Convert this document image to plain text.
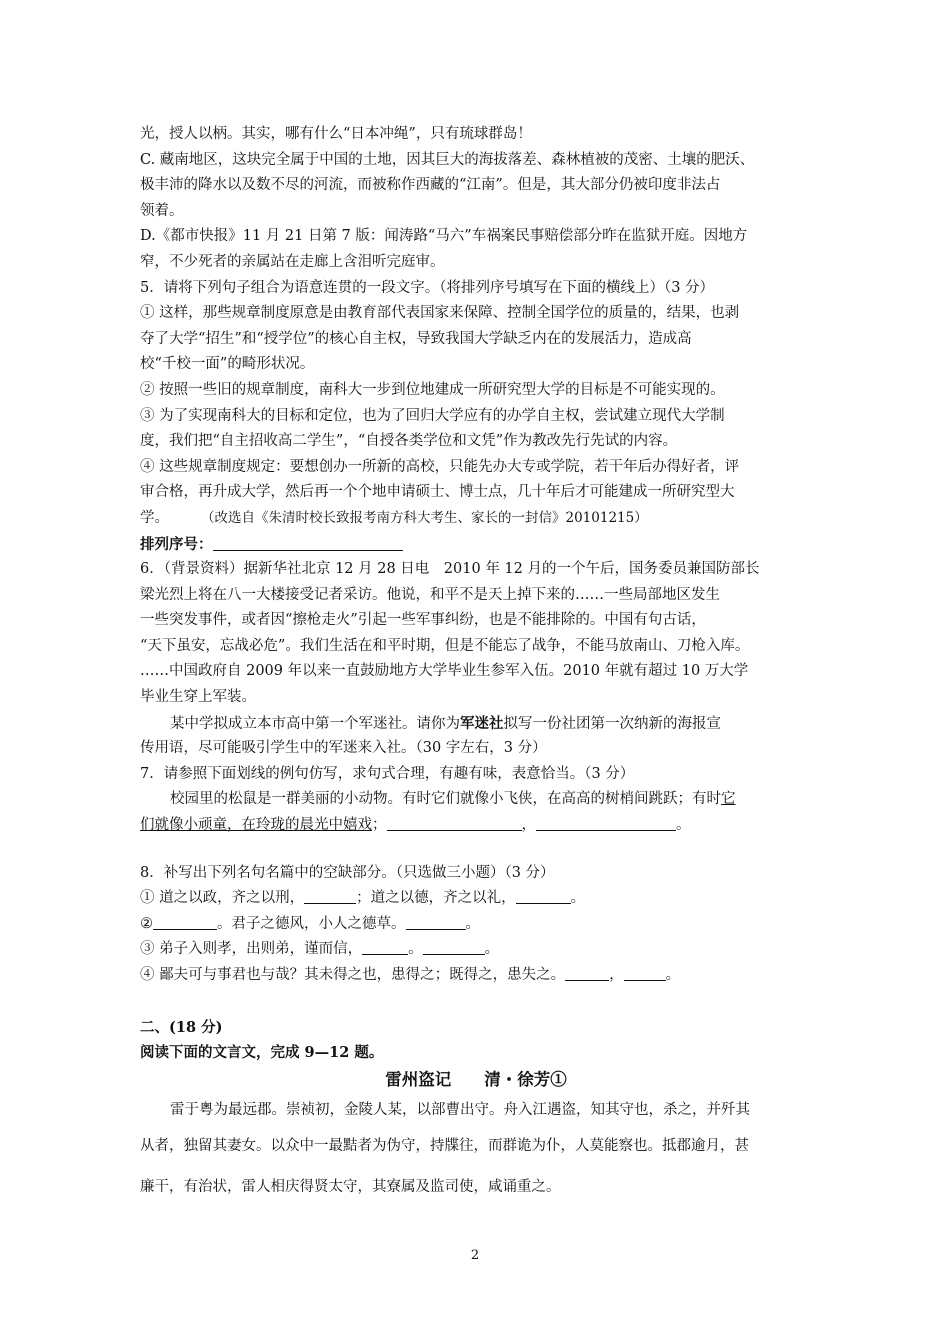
光，授人以柄。其实，哪有什么“日本冲绳”，只有琉球群岛！
C. 藏南地区，这块完全属于中国的土地，因其巨大的海拔落差、森林植被的茂密、土壤的肥沃、
极丰沛的降水以及数不尽的河流，而被称作西藏的“江南”。但是，其大部分仍被印度非法占
领着。
D.《都市快报》11 月 21 日第 7 版：闻涛路“马六”车祸案民事赔偿部分昨在监狱开庭。因地方
窄，不少死者的亲属站在走廊上含泪听完庭审。
5．请将下列句子组合为语意连贯的一段文字。（将排列序号填写在下面的横线上）（3 分）
① 这样，那些规章制度原意是由教育部代表国家来保障、控制全国学位的质量的，结果，也剥
夺了大学“招生”和“授学位”的核心自主权，导致我国大学缺乏内在的发展活力，造成高
校“千校一面”的畸形状况。
② 按照一些旧的规章制度，南科大一步到位地建成一所研究型大学的目标是不可能实现的。
③ 为了实现南科大的目标和定位，也为了回归大学应有的办学自主权，尝试建立现代大学制
度，我们把“自主招收高二学生”，“自授各类学位和文凭”作为教改先行先试的内容。
④ 这些规章制度规定：要想创办一所新的高校，只能先办大专或学院，若干年后办得好者，评
审合格，再升成大学，然后再一个个地申请硕士、博士点，几十年后才可能建成一所研究型大
学。 （改选自《朱清时校长致报考南方科大考生、家长的一封信》20101215）
排列序号：
6．（背景资料）据新华社北京 12 月 28 日电　2010 年 12 月的一个午后，国务委员兼国防部长
梁光烈上将在八一大楼接受记者采访。他说，和平不是天上掉下来的……一些局部地区发生
一些突发事件，或者因“擦枪走火”引起一些军事纠纷，也是不能排除的。中国有句古话，
“天下虽安，忘战必危”。我们生活在和平时期，但是不能忘了战争，不能马放南山、刀枪入库。
……中国政府自 2009 年以来一直鼓励地方大学毕业生参军入伍。2010 年就有超过 10 万大学
毕业生穿上军装。
某中学拟成立本市高中第一个军迷社。请你为军迷社拟写一份社团第一次纳新的海报宣
传用语，尽可能吸引学生中的军迷来入社。（30 字左右，3 分）
7．请参照下面划线的例句仿写，求句式合理，有趣有味，表意恰当。（3 分）
校园里的松鼠是一群美丽的小动物。有时它们就像小飞侠，在高高的树梢间跳跃；有时它
们就像小顽童，在玲珑的晨光中嬉戏；	，	。
8．补写出下列名句名篇中的空缺部分。（只选做三小题）（3 分）
① 道之以政，齐之以刑，	；道之以德，齐之以礼，	。
②	。君子之德风，小人之德草。	。
③ 弟子入则孝，出则弟，谨而信，	。	。
④ 鄙夫可与事君也与哉？其未得之也，患得之；既得之，患失之。	，	。
二、(18 分)
阅读下面的文言文，完成 9—12 题。
雷州盗记　　清・徐芳①
雷于粤为最远郡。崇祯初，金陵人某，以部曹出守。舟入江遇盗，知其守也，杀之，并歼其
从者，独留其妻女。以众中一最黠者为伪守，持牒往，而群诡为仆，人莫能察也。抵郡逾月，甚
廉干，有治状，雷人相庆得贤太守，其寮属及监司使，咸诵重之。
2
